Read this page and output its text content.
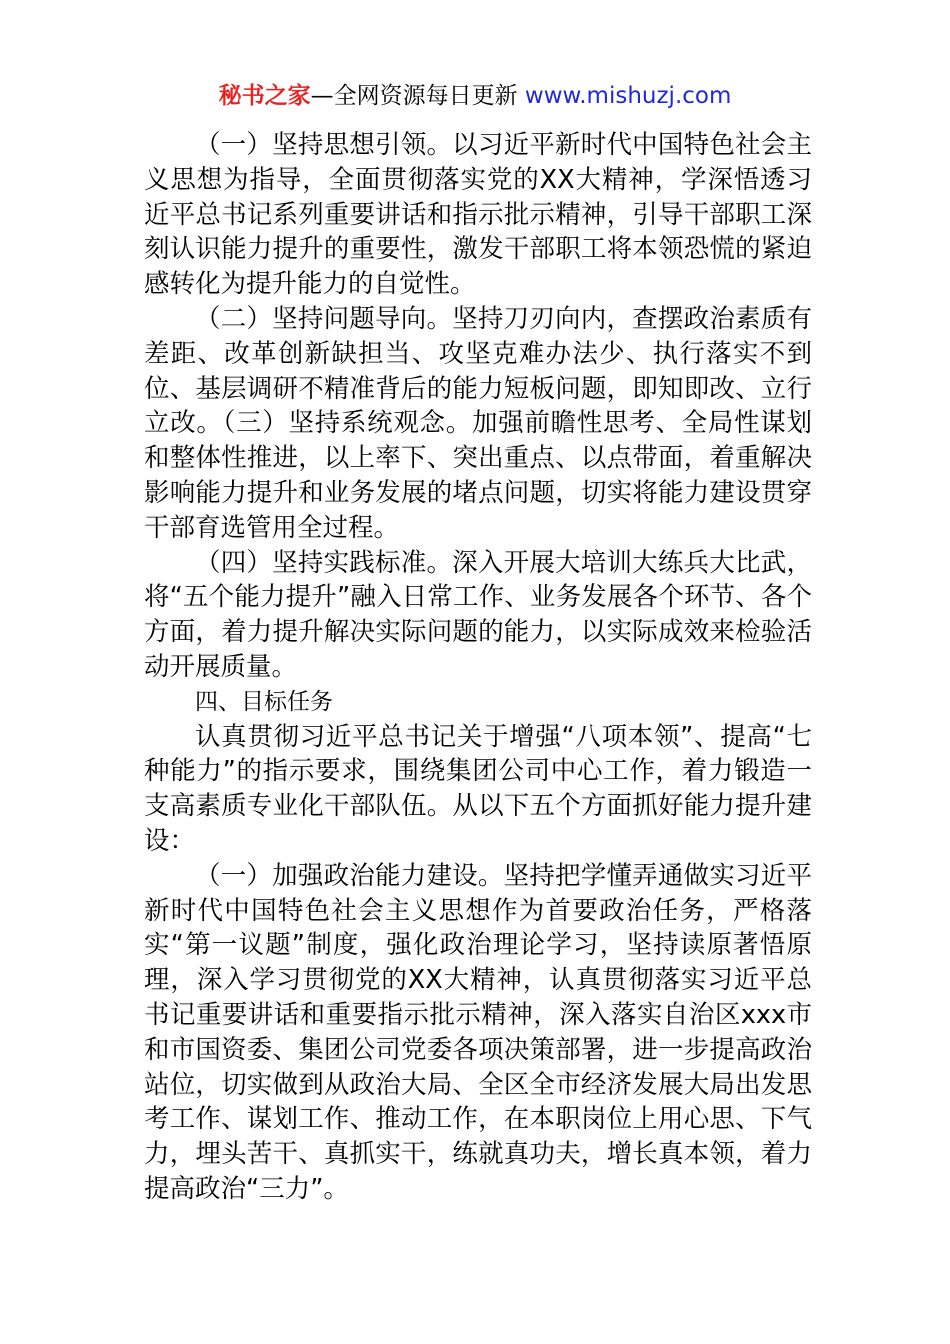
秘书之家—全网资源每日更新 www.mishuzj.com

（一）坚持思想引领。以习近平新时代中国特色社会主义思想为指导，全面贯彻落实党的XX大精神，学深悟透习近平总书记系列重要讲话和指示批示精神，引导干部职工深刻认识能力提升的重要性，激发干部职工将本领恐慌的紧迫感转化为提升能力的自觉性。

（二）坚持问题导向。坚持刀刃向内，查摆政治素质有差距、改革创新缺担当、攻坚克难办法少、执行落实不到位、基层调研不精准背后的能力短板问题，即知即改、立行立改。（三）坚持系统观念。加强前瞻性思考、全局性谋划和整体性推进，以上率下、突出重点、以点带面，着重解决影响能力提升和业务发展的堵点问题，切实将能力建设贯穿干部育选管用全过程。

（四）坚持实践标准。深入开展大培训大练兵大比武，将“五个能力提升”融入日常工作、业务发展各个环节、各个方面，着力提升解决实际问题的能力，以实际成效来检验活动开展质量。

四、目标任务

认真贯彻习近平总书记关于增强“八项本领”、提高“七种能力”的指示要求，围绕集团公司中心工作，着力锻造一支高素质专业化干部队伍。从以下五个方面抓好能力提升建设：

（一）加强政治能力建设。坚持把学懂弄通做实习近平新时代中国特色社会主义思想作为首要政治任务，严格落实“第一议题”制度，强化政治理论学习，坚持读原著悟原理，深入学习贯彻党的XX大精神，认真贯彻落实习近平总书记重要讲话和重要指示批示精神，深入落实自治区xxx市和市国资委、集团公司党委各项决策部署，进一步提高政治站位，切实做到从政治大局、全区全市经济发展大局出发思考工作、谋划工作、推动工作，在本职岗位上用心思、下气力，埋头苦干、真抓实干，练就真功夫，增长真本领，着力提高政治“三力”。
